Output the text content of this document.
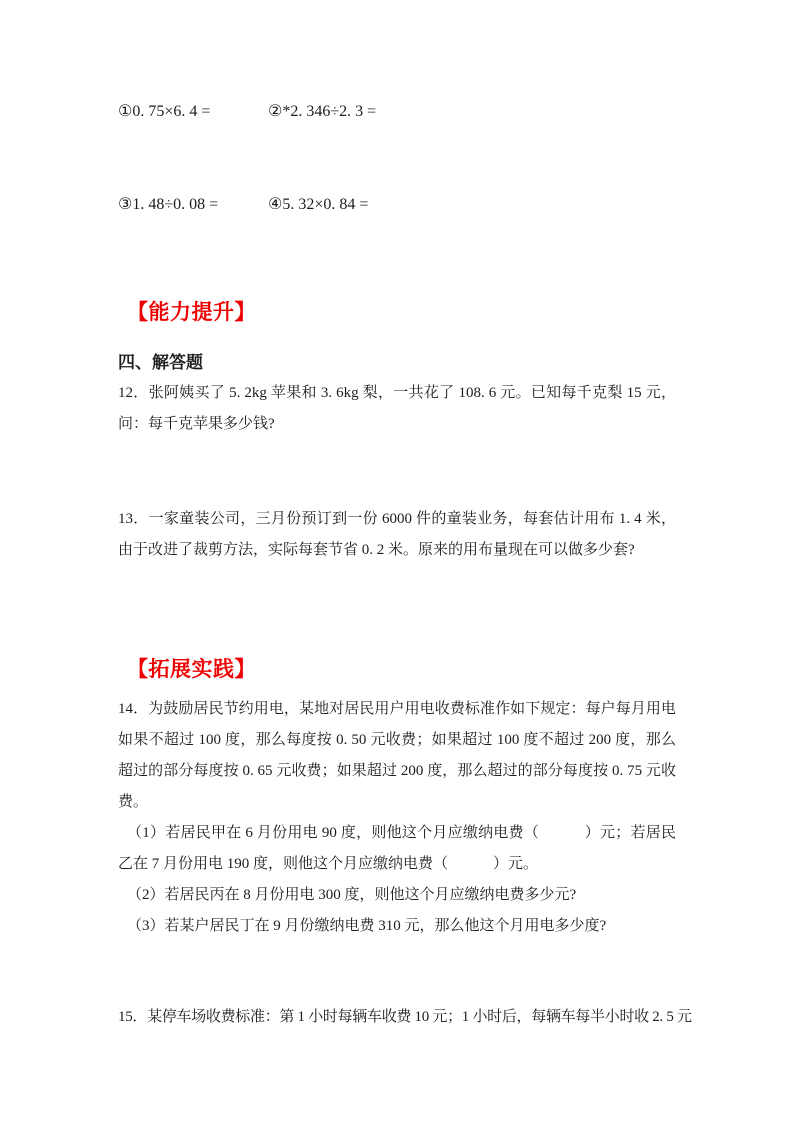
①0. 75×6. 4 =	②*2. 346÷2. 3 =
③1. 48÷0. 08 =	④5. 32×0. 84 =
【能力提升】
四、解答题
12．张阿姨买了 5. 2kg 苹果和 3. 6kg 梨，一共花了 108. 6 元。已知每千克梨 15 元，问：每千克苹果多少钱?
13．一家童装公司，三月份预订到一份 6000 件的童装业务，每套估计用布 1. 4 米，由于改进了裁剪方法，实际每套节省 0. 2 米。原来的用布量现在可以做多少套?
【拓展实践】
14．为鼓励居民节约用电，某地对居民用户用电收费标准作如下规定：每户每月用电如果不超过 100 度，那么每度按 0. 50 元收费；如果超过 100 度不超过 200 度，那么超过的部分每度按 0. 65 元收费；如果超过 200 度，那么超过的部分每度按 0. 75 元收费。
（1）若居民甲在 6 月份用电 90 度，则他这个月应缴纳电费（　　　）元；若居民乙在 7 月份用电 190 度，则他这个月应缴纳电费（　　　）元。
（2）若居民丙在 8 月份用电 300 度，则他这个月应缴纳电费多少元?
（3）若某户居民丁在 9 月份缴纳电费 310 元，那么他这个月用电多少度?
15．某停车场收费标准：第 1 小时每辆车收费 10 元；1 小时后，每辆车每半小时收 2. 5 元
